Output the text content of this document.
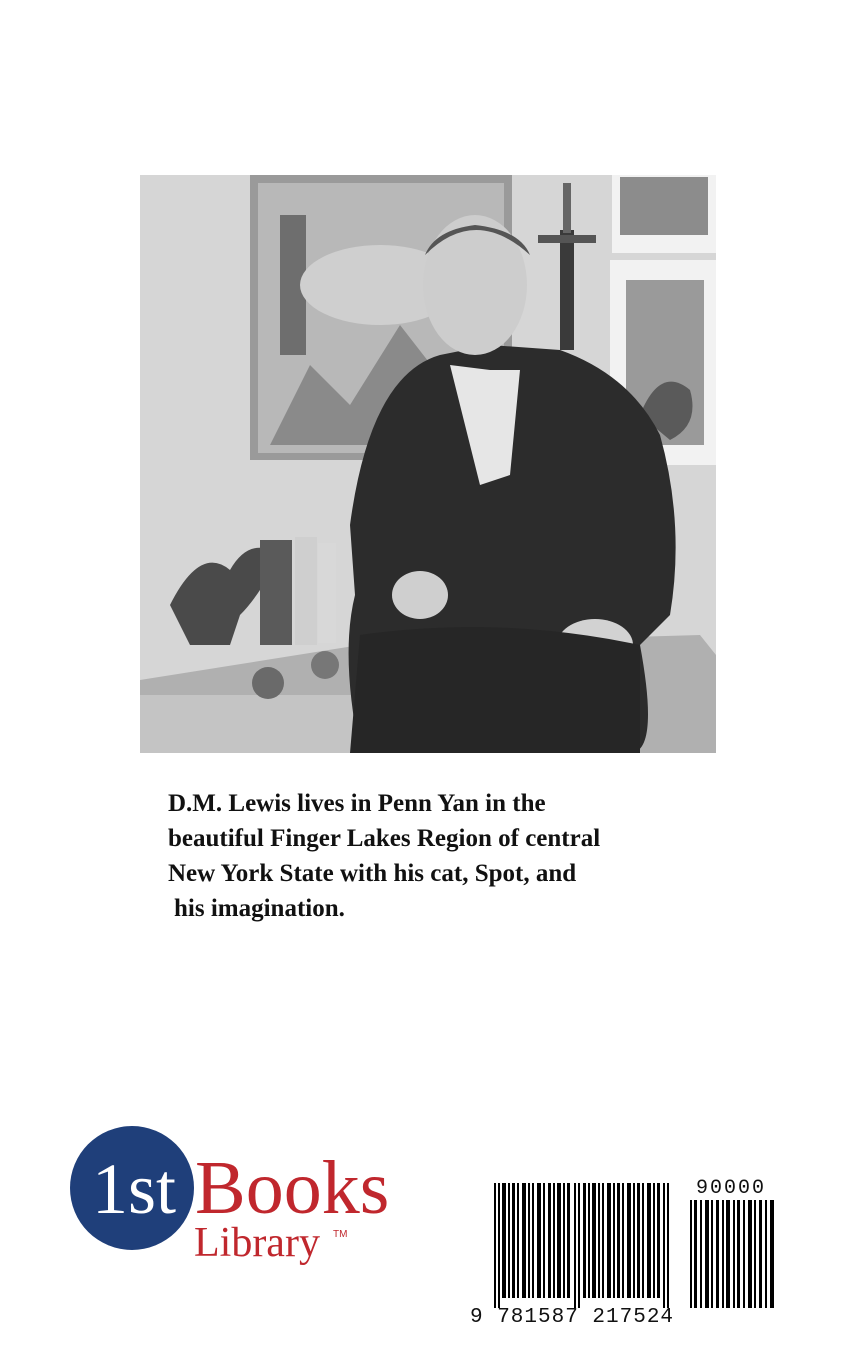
D.M. Lewis lives in Penn Yan in the
beautiful Finger Lakes Region of central
New York State with his cat, Spot, and
his imagination.
1st Books
Library TM
90000
9 781587 217524
